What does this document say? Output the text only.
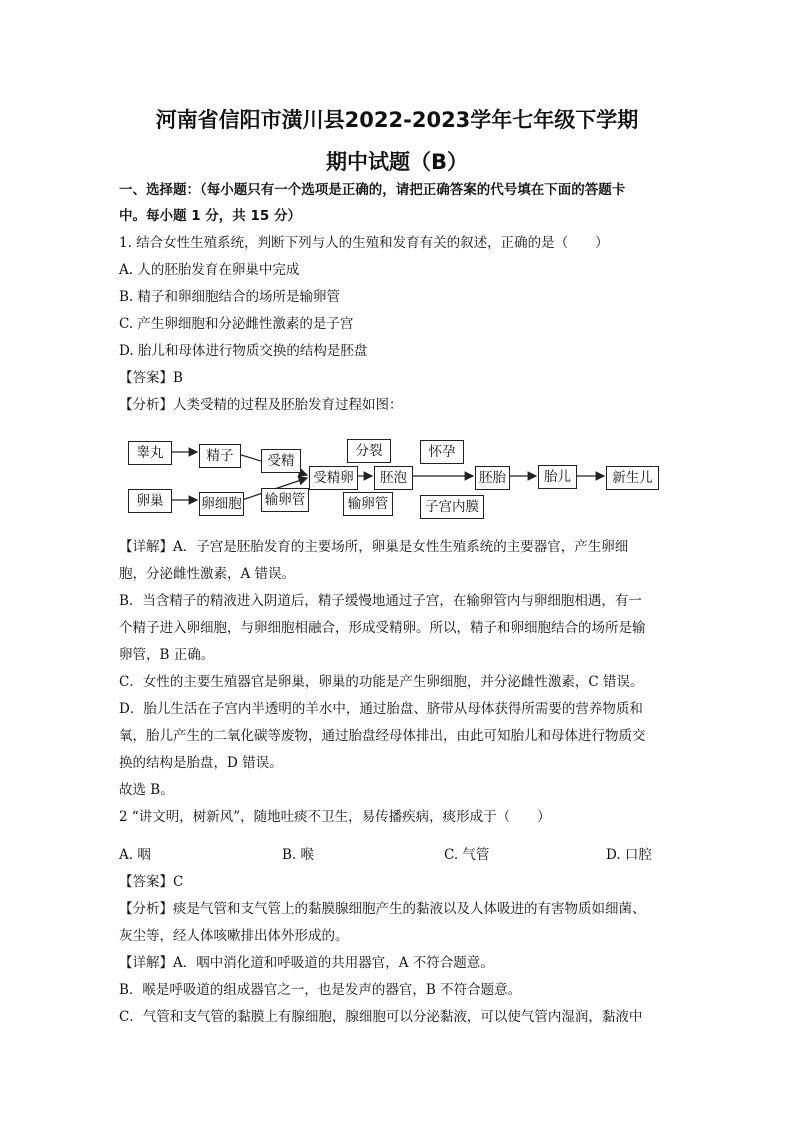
河南省信阳市潢川县2022-2023学年七年级下学期
期中试题（B）
一、选择题：（每小题只有一个选项是正确的，请把正确答案的代号填在下面的答题卡
中。每小题 1 分，共 15 分）
1. 结合女性生殖系统，判断下列与人的生殖和发育有关的叙述，正确的是（　　）
A. 人的胚胎发育在卵巢中完成
B. 精子和卵细胞结合的场所是输卵管
C. 产生卵细胞和分泌雌性激素的是子宫
D. 胎儿和母体进行物质交换的结构是胚盘
【答案】B
【分析】人类受精的过程及胚胎发育过程如图：
睾丸	精子
卵巢	卵细胞
受精
输卵管
受精卵
分裂
胚泡
输卵管
怀孕
胚胎
子宫内膜
胎儿	新生儿
【详解】A．子宫是胚胎发育的主要场所，卵巢是女性生殖系统的主要器官，产生卵细
胞，分泌雌性激素，A 错误。
B．当含精子的精液进入阴道后，精子缓慢地通过子宫，在输卵管内与卵细胞相遇，有一
个精子进入卵细胞，与卵细胞相融合，形成受精卵。所以，精子和卵细胞结合的场所是输
卵管，B 正确。
C．女性的主要生殖器官是卵巢，卵巢的功能是产生卵细胞，并分泌雌性激素，C 错误。
D．胎儿生活在子宫内半透明的羊水中，通过胎盘、脐带从母体获得所需要的营养物质和
氧，胎儿产生的二氧化碳等废物，通过胎盘经母体排出，由此可知胎儿和母体进行物质交
换的结构是胎盘，D 错误。
故选 B。
2 “讲文明，树新风”，随地吐痰不卫生，易传播疾病，痰形成于（　　）
A. 咽	B. 喉	C. 气管	D. 口腔
【答案】C
【分析】痰是气管和支气管上的黏膜腺细胞产生的黏液以及人体吸进的有害物质如细菌、
灰尘等，经人体咳嗽排出体外形成的。
【详解】A．咽中消化道和呼吸道的共用器官，A 不符合题意。
B．喉是呼吸道的组成器官之一，也是发声的器官，B 不符合题意。
C．气管和支气管的黏膜上有腺细胞，腺细胞可以分泌黏液，可以使气管内湿润，黏液中
